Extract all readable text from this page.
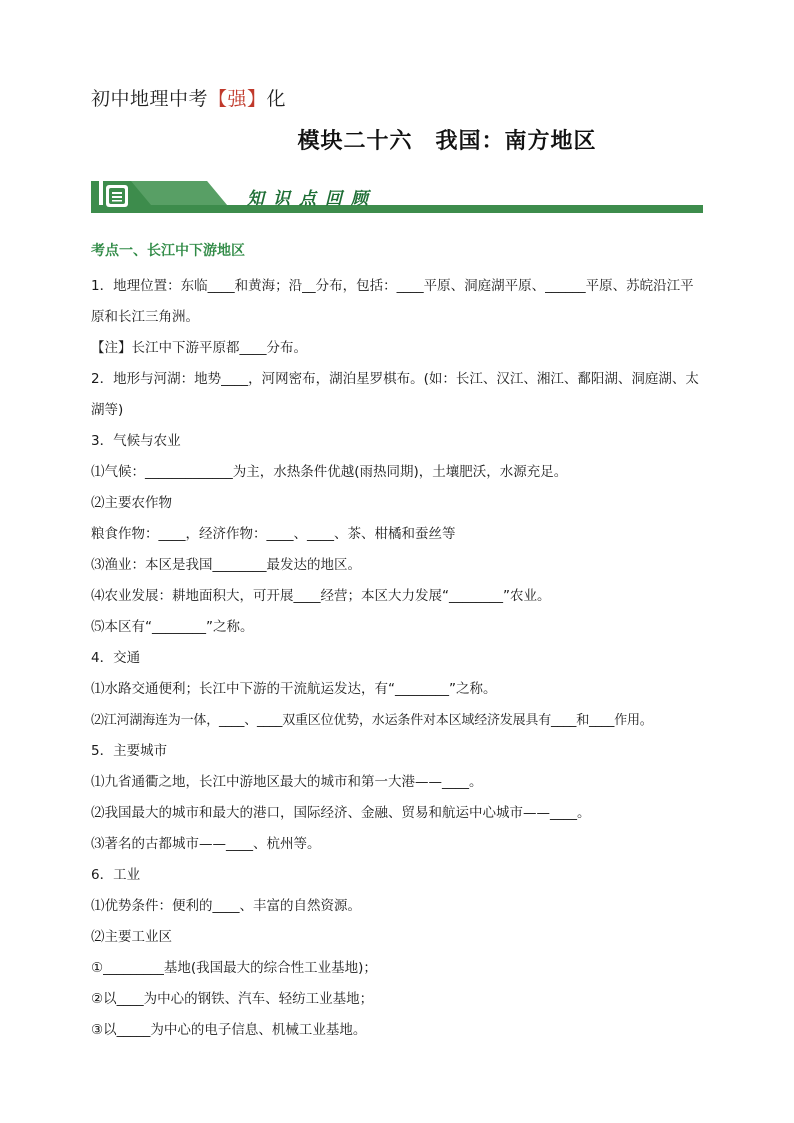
初中地理中考【强】化
模块二十六　我国：南方地区
知识点回顾
考点一、长江中下游地区
1．地理位置：东临____和黄海；沿__分布，包括：____平原、洞庭湖平原、______平原、苏皖沿江平原和长江三角洲。
【注】长江中下游平原都____分布。
2．地形与河湖：地势____，河网密布，湖泊星罗棋布。(如：长江、汉江、湘江、鄱阳湖、洞庭湖、太湖等)
3．气候与农业
⑴气候：_____________为主，水热条件优越(雨热同期)，土壤肥沃，水源充足。
⑵主要农作物
粮食作物：____，经济作物：____、____、茶、柑橘和蚕丝等
⑶渔业：本区是我国________最发达的地区。
⑷农业发展：耕地面积大，可开展____经营；本区大力发展“________”农业。
⑸本区有“________”之称。
4．交通
⑴水路交通便利；长江中下游的干流航运发达，有“________”之称。
⑵江河湖海连为一体，____、____双重区位优势，水运条件对本区域经济发展具有____和____作用。
5．主要城市
⑴九省通衢之地，长江中游地区最大的城市和第一大港——____。
⑵我国最大的城市和最大的港口，国际经济、金融、贸易和航运中心城市——____。
⑶著名的古都城市——____、杭州等。
6．工业
⑴优势条件：便利的____、丰富的自然资源。
⑵主要工业区
①_________基地(我国最大的综合性工业基地)；
②以____为中心的钢铁、汽车、轻纺工业基地；
③以_____为中心的电子信息、机械工业基地。
